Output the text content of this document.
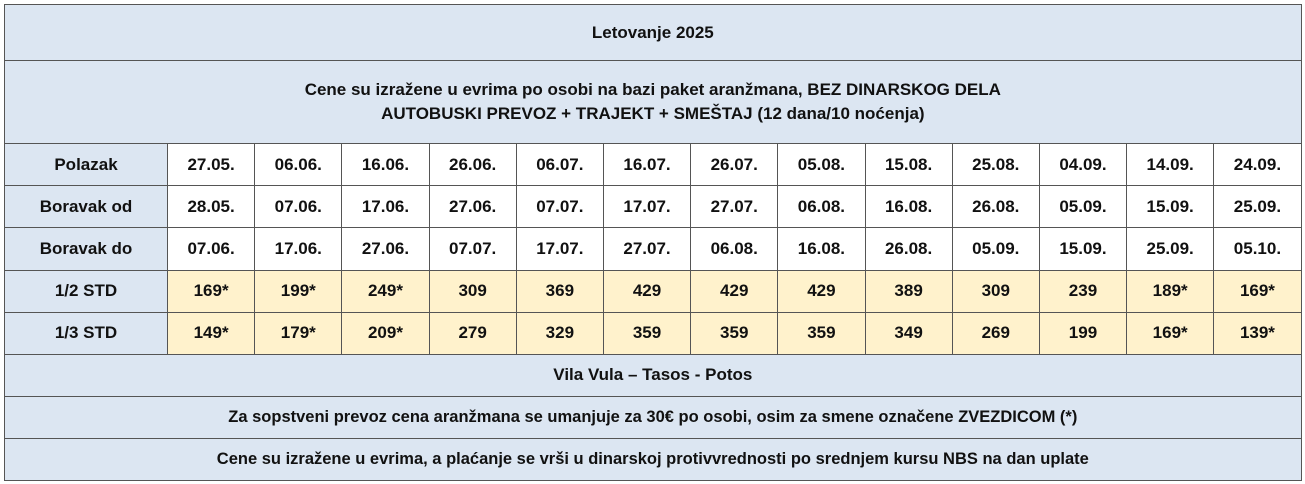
Letovanje 2025													

Cene su izražene u evrima po osobi na bazi paket aranžmana, BEZ DINARSKOG DELA
AUTOBUSKI PREVOZ + TRAJEKT + SMEŠTAJ (12 dana/10 noćenja)													

Polazak	27.05.	06.06.	16.06.	26.06.	06.07.	16.07.	26.07.	05.08.	15.08.	25.08.	04.09.	14.09.	24.09.
Boravak od	28.05.	07.06.	17.06.	27.06.	07.07.	17.07.	27.07.	06.08.	16.08.	26.08.	05.09.	15.09.	25.09.
Boravak do	07.06.	17.06.	27.06.	07.07.	17.07.	27.07.	06.08.	16.08.	26.08.	05.09.	15.09.	25.09.	05.10.
1/2 STD	169*	199*	249*	309	369	429	429	429	389	309	239	189*	169*
1/3 STD	149*	179*	209*	279	329	359	359	359	349	269	199	169*	139*
Vila Vula – Tasos - Potos													
Za sopstveni prevoz cena aranžmana se umanjuje za 30€ po osobi, osim za smene označene ZVEZDICOM (*)													
Cene su izražene u evrima, a plaćanje se vrši u dinarskoj protivvrednosti po srednjem kursu NBS na dan uplate													
